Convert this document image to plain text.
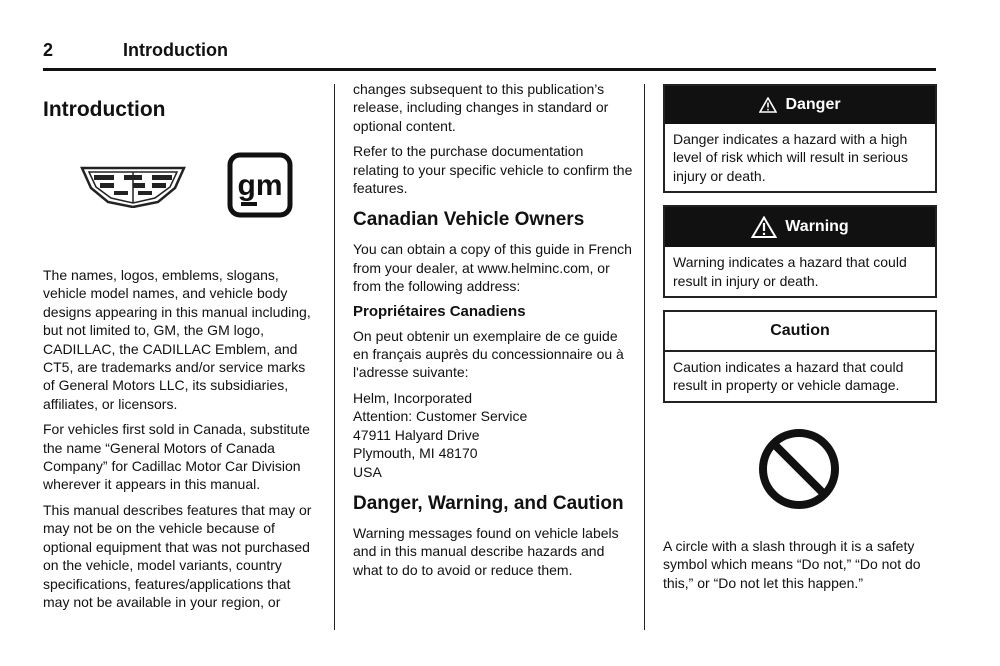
2	Introduction
Introduction
gm

The names, logos, emblems, slogans, vehicle model names, and vehicle body designs appearing in this manual including, but not limited to, GM, the GM logo, CADILLAC, the CADILLAC Emblem, and CT5, are trademarks and/or service marks of General Motors LLC, its subsidiaries, affiliates, or licensors.

For vehicles first sold in Canada, substitute the name “General Motors of Canada Company” for Cadillac Motor Car Division wherever it appears in this manual.

This manual describes features that may or may not be on the vehicle because of optional equipment that was not purchased on the vehicle, model variants, country specifications, features/applications that may not be available in your region, or

changes subsequent to this publication’s release, including changes in standard or optional content.

Refer to the purchase documentation relating to your specific vehicle to confirm the features.

Canadian Vehicle Owners

You can obtain a copy of this guide in French from your dealer, at www.helminc.com, or from the following address:

Propriétaires Canadiens

On peut obtenir un exemplaire de ce guide en français auprès du concessionnaire ou à l'adresse suivante:

Helm, Incorporated

Attention: Customer Service

47911 Halyard Drive

Plymouth, MI 48170

USA

Danger, Warning, and Caution

Warning messages found on vehicle labels and in this manual describe hazards and what to do to avoid or reduce them.

Danger

Danger indicates a hazard with a high level of risk which will result in serious injury or death.

Warning

Warning indicates a hazard that could result in injury or death.

Caution

Caution indicates a hazard that could result in property or vehicle damage.

A circle with a slash through it is a safety symbol which means “Do not,” “Do not do this,” or “Do not let this happen.”
